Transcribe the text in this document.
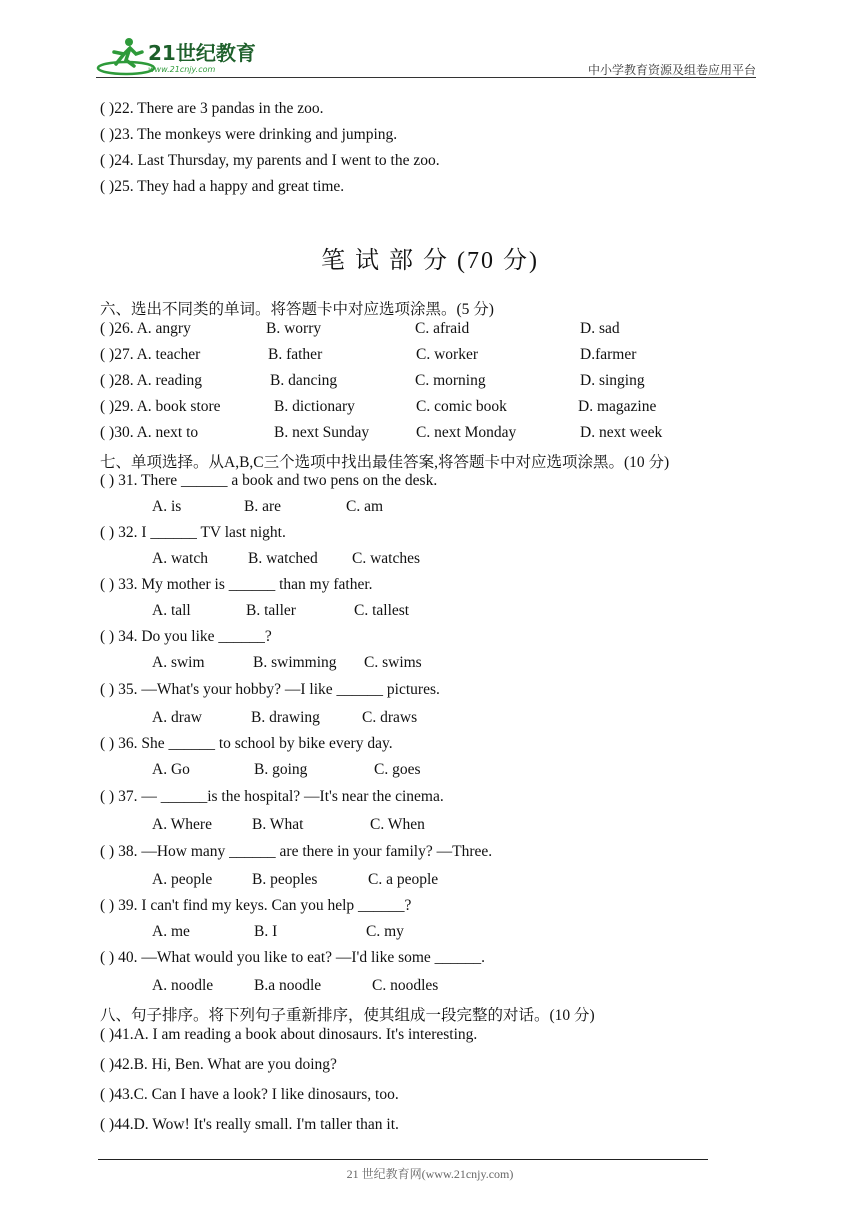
21世纪教育
www.21cnjy.com	中小学教育资源及组卷应用平台
( )22. There are 3 pandas in the zoo.
( )23. The monkeys were drinking and jumping.
( )24. Last Thursday, my parents and I went to the zoo.
( )25. They had a happy and great time.
笔 试 部 分 (70 分)
六、选出不同类的单词。将答题卡中对应选项涂黑。(5 分)
( )26. A. angry	B. worry	C. afraid	D. sad
( )27. A. teacher	B. father	C. worker	D.farmer
( )28. A. reading	B. dancing	C. morning	D. singing
( )29. A. book store	B. dictionary	C. comic book	D. magazine
( )30. A. next to	B. next Sunday	C. next Monday	D. next week
七、单项选择。从A,B,C三个选项中找出最佳答案,将答题卡中对应选项涂黑。(10 分)
( ) 31. There ______ a book and two pens on the desk.
A. is	B. are	C. am
( ) 32. I ______ TV last night.
A. watch	B. watched C. watches
( ) 33. My mother is ______ than my father.
A. tall	B. taller	C. tallest
( ) 34. Do you like ______?
A. swim	B. swimming C. swims
( ) 35. —What's your hobby? —I like ______ pictures.
A. draw	B. drawing	C. draws
( ) 36. She ______ to school by bike every day.
A. Go	B. going	C. goes
( ) 37. — ______is the hospital? —It's near the cinema.
A. Where	B. What	C. When
( ) 38. —How many ______ are there in your family? —Three.
A. people	B. peoples	C. a people
( ) 39. I can't find my keys. Can you help ______?
A. me	B. I	C. my
( ) 40. —What would you like to eat? —I'd like some ______.
A. noodle	B.a noodle	C. noodles
八、句子排序。将下列句子重新排序，使其组成一段完整的对话。(10 分)
( )41.A. I am reading a book about dinosaurs. It's interesting.
( )42.B. Hi, Ben. What are you doing?
( )43.C. Can I have a look? I like dinosaurs, too.
( )44.D. Wow! It's really small. I'm taller than it.
21 世纪教育网(www.21cnjy.com)
